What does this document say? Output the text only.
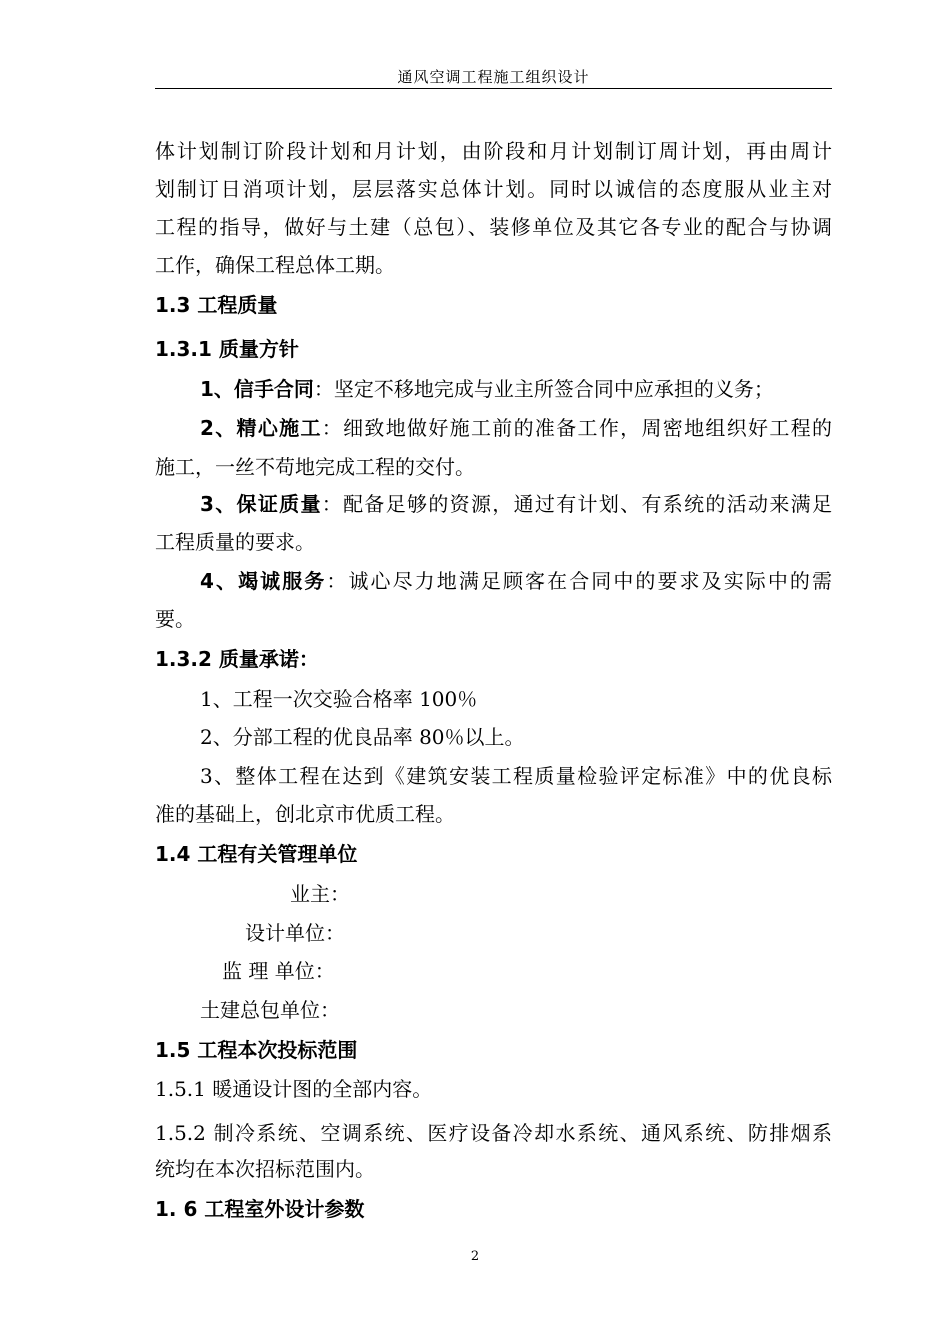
通风空调工程施工组织设计
体计划制订阶段计划和月计划，由阶段和月计划制订周计划，再由周计
划制订日消项计划，层层落实总体计划。同时以诚信的态度服从业主对
工程的指导，做好与土建（总包）、装修单位及其它各专业的配合与协调
工作，确保工程总体工期。
1.3 工程质量
1.3.1 质量方针
1、信手合同：坚定不移地完成与业主所签合同中应承担的义务；
2、精心施工：细致地做好施工前的准备工作，周密地组织好工程的
施工，一丝不苟地完成工程的交付。
3、保证质量：配备足够的资源，通过有计划、有系统的活动来满足
工程质量的要求。
4、竭诚服务：诚心尽力地满足顾客在合同中的要求及实际中的需
要。
1.3.2 质量承诺：
1、工程一次交验合格率 100％
2、分部工程的优良品率 80％以上。
3、整体工程在达到《建筑安装工程质量检验评定标准》中的优良标
准的基础上，创北京市优质工程。
1.4 工程有关管理单位
业主：
设计单位：
监 理 单位：
土建总包单位：
1.5 工程本次投标范围
1.5.1 暖通设计图的全部内容。
1.5.2 制冷系统、空调系统、医疗设备冷却水系统、通风系统、防排烟系
统均在本次招标范围内。
1. 6 工程室外设计参数
2
